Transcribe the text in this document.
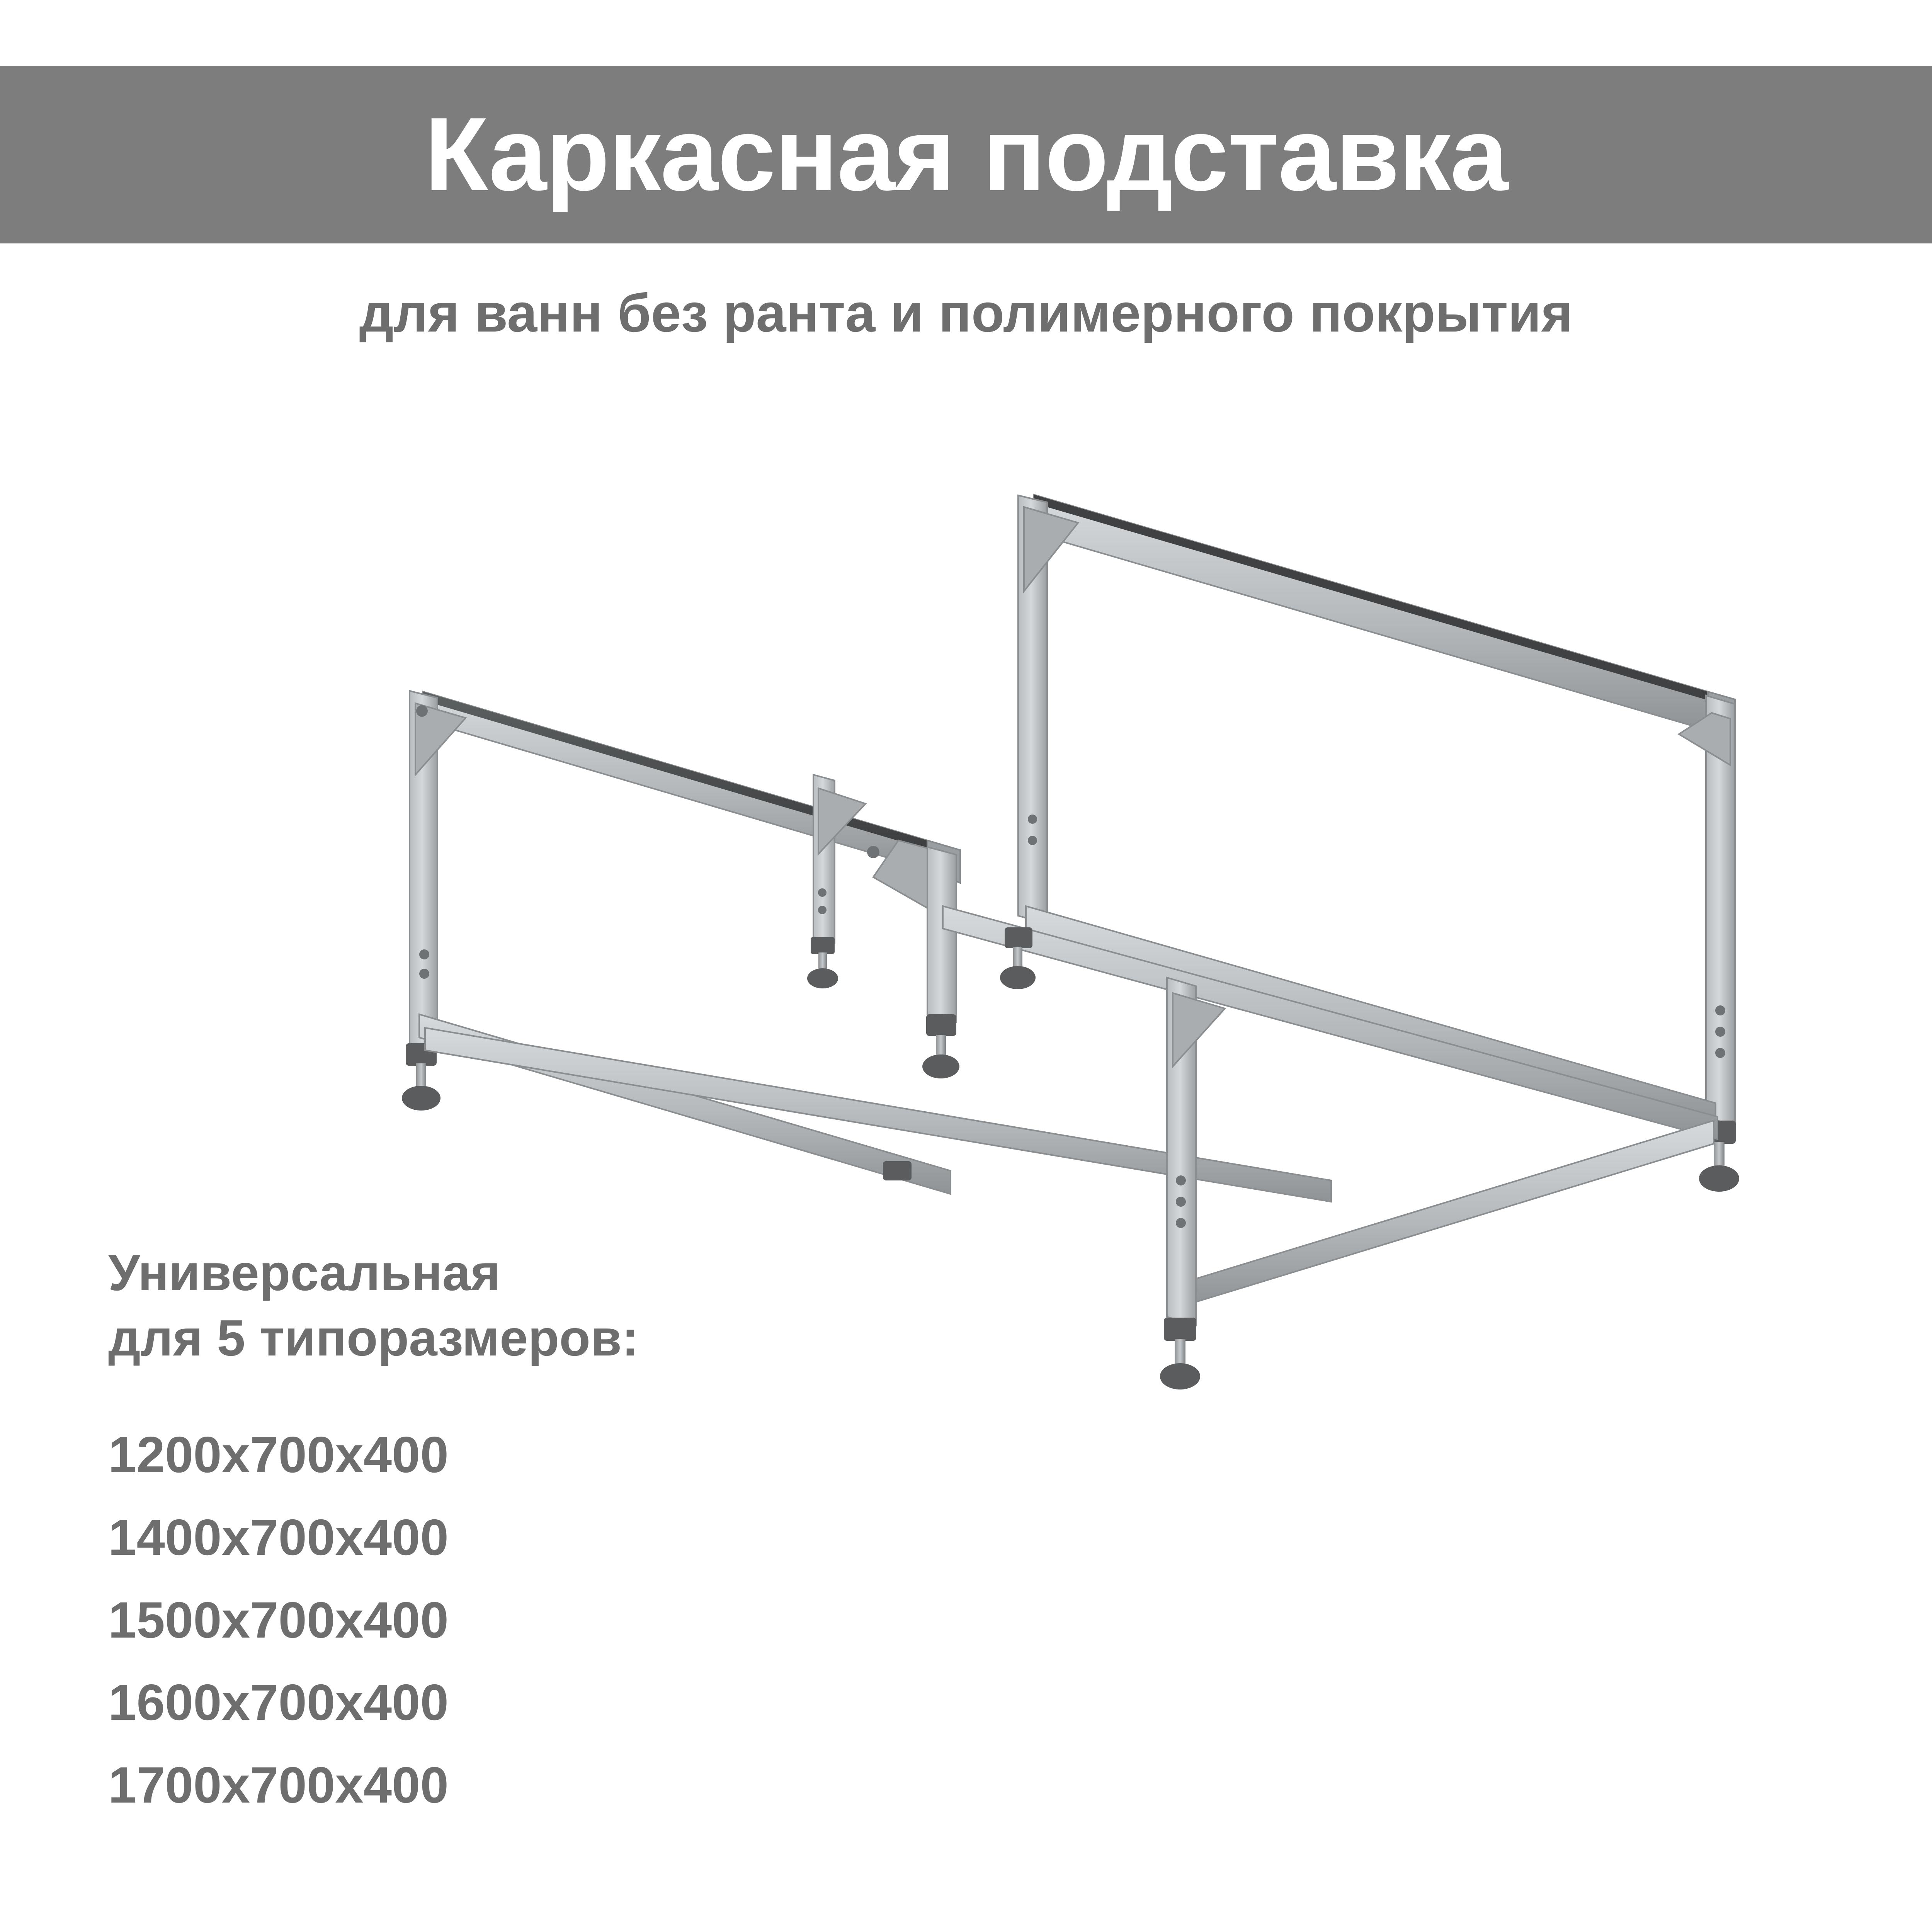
Каркасная подставка
для ванн без ранта и полимерного покрытия
Универсальная
для 5 типоразмеров:
1200x700x400
1400x700x400
1500x700x400
1600x700x400
1700x700x400
